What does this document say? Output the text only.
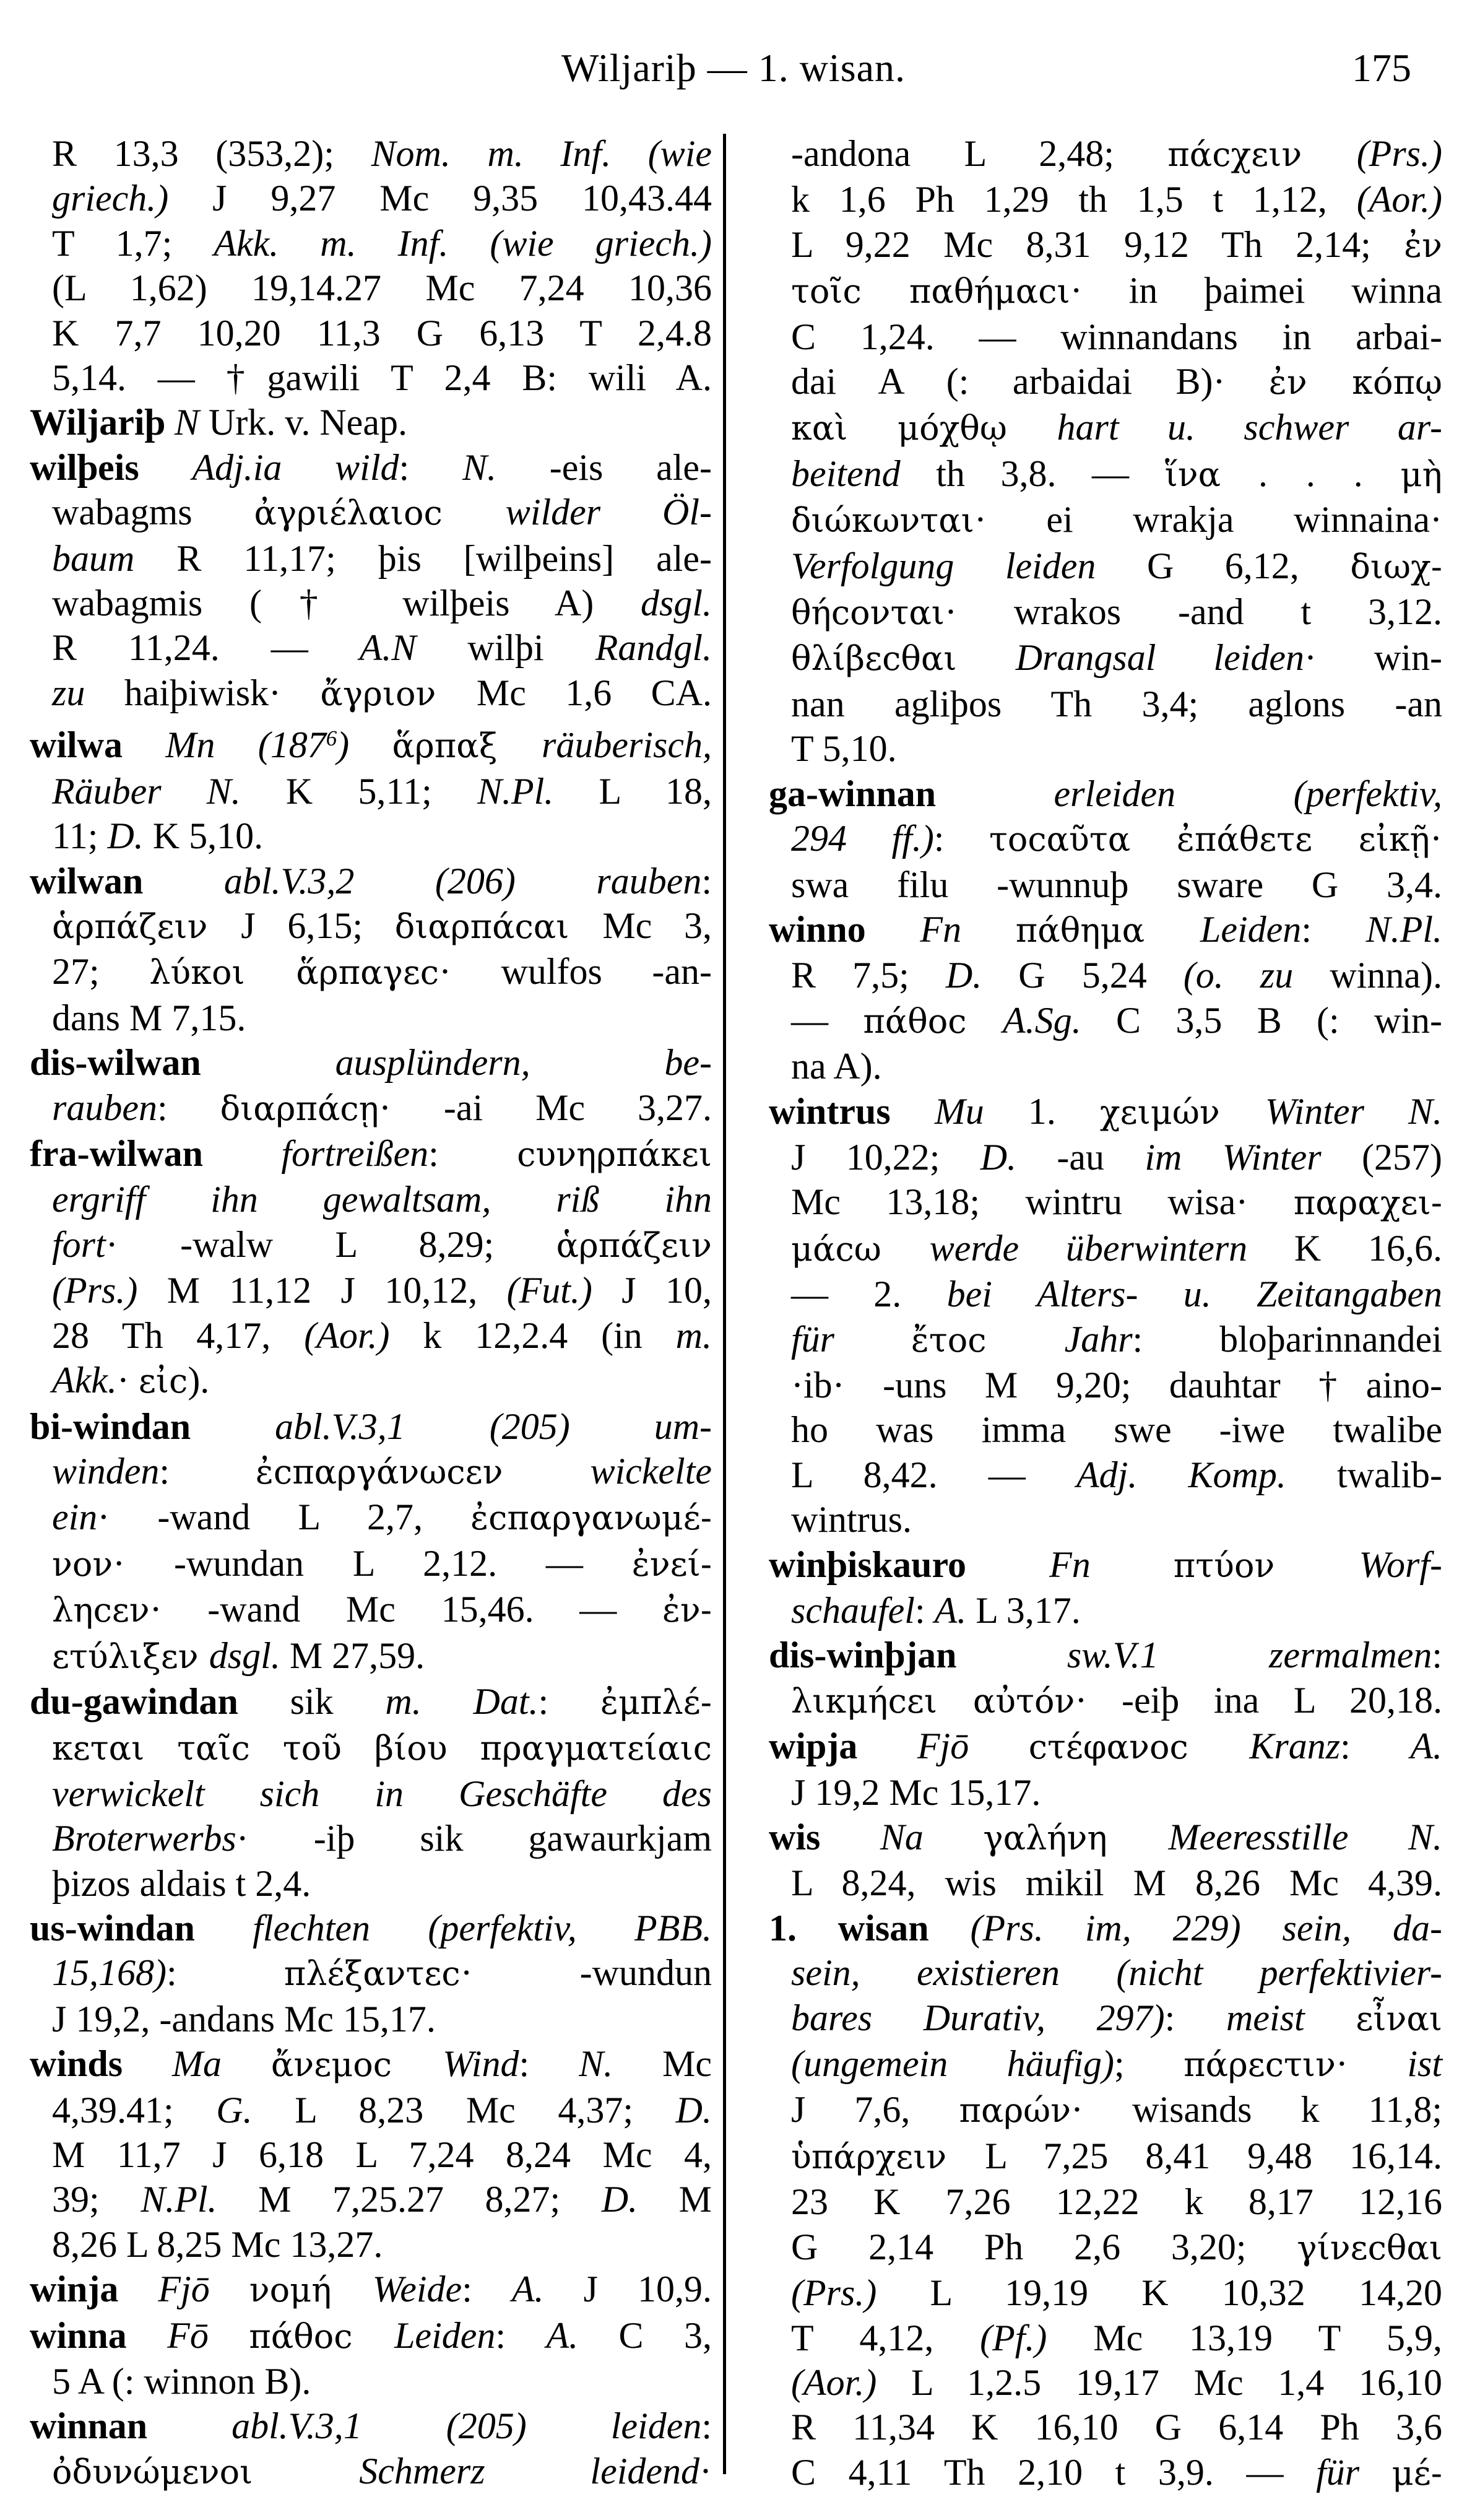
Wiljariþ — 1. wisan.	175
R 13,3 (353,2); Nom. m. Inf. (wie
griech.) J 9,27 Mc 9,35 10,43.44
T 1,7; Akk. m. Inf. (wie griech.)
(L 1,62) 19,14.27 Mc 7,24 10,36
K 7,7 10,20 11,3 G 6,13 T 2,4.8
5,14. — †gawili T 2,4 B: wili A.
Wiljariþ N Urk. v. Neap.
wilþeis Adj.ia wild: N. -eis ale-
wabagms ἀγριέλαιοc wilder Öl-
baum R 11,17; þis [wilþeins] ale-
wabagmis († wilþeis A) dsgl.
R 11,24. — A.N wilþi Randgl.
zu haiþiwisk· ἄγριον Mc 1,6 CA.
wilwa Mn $(187^6)$ ἅρπαξ räuberisch,
Räuber N. K 5,11; N.Pl. L 18,
11; D. K 5,10.
wilwan abl.V.3,2 (206) rauben:
ἁρπάζειν J 6,15; διαρπάcαι Mc 3,
27; λύκοι ἅρπαγεc· wulfos -an-
dans M 7,15.
dis-wilwan ausplündern, be-
rauben: διαρπάcῃ· -ai Mc 3,27.
fra-wilwan fortreißen: cυνηρπάκει
ergriff ihn gewaltsam, riß ihn
fort· -walw L 8,29; ἁρπάζειν
(Prs.) M 11,12 J 10,12, (Fut.) J 10,
28 Th 4,17, (Aor.) k 12,2.4 (in m.
Akk.· εἰc).
bi-windan abl.V.3,1 (205) um-
winden: ἐcπαργάνωcεν wickelte
ein· -wand L 2,7, ἐcπαργανωμέ-
νον· -wundan L 2,12. — ἐνεί-
ληcεν· -wand Mc 15,46. — ἐν-
ετύλιξεν dsgl. M 27,59.
du-gawindan sik m. Dat.: ἐμπλέ-
κεται ταῖc τοῦ βίου πραγματείαιc
verwickelt sich in Geschäfte des
Broterwerbs· -iþ sik gawaurkjam
þizos aldais t 2,4.
us-windan flechten (perfektiv, PBB.
15,168): πλέξαντεc· -wundun
J 19,2, -andans Mc 15,17.
winds Ma ἄνεμοc Wind: N. Mc
4,39.41; G. L 8,23 Mc 4,37; D.
M 11,7 J 6,18 L 7,24 8,24 Mc 4,
39; N.Pl. M 7,25.27 8,27; D. M
8,26 L 8,25 Mc 13,27.
winja Fjō νομή Weide: A. J 10,9.
winna Fō πάθοc Leiden: A. C 3,
5 A (: winnon B).
winnan abl.V.3,1 (205) leiden:
ὀδυνώμενοι Schmerz leidend·
-andona L 2,48; πάcχειν (Prs.)
k 1,6 Ph 1,29 th 1,5 t 1,12, (Aor.)
L 9,22 Mc 8,31 9,12 Th 2,14; ἐν
τοῖc παθήμαcι· in þaimei winna
C 1,24. — winnandans in arbai-
dai A (: arbaidai B)· ἐν κόπῳ
καὶ μόχθῳ hart u. schwer ar-
beitend th 3,8. — ἵνα . . . μὴ
διώκωνται· ei wrakja winnaina·
Verfolgung leiden G 6,12, διωχ-
θήcονται· wrakos -and t 3,12.
θλίβεcθαι Drangsal leiden· win-
nan agliþos Th 3,4; aglons -an
T 5,10.
ga-winnan erleiden (perfektiv,
294 ff.): τοcαῦτα ἐπάθετε εἰκῇ·
swa filu -wunnuþ sware G 3,4.
winno Fn πάθημα Leiden: N.Pl.
R 7,5; D. G 5,24 (o. zu winna).
— πάθοc A.Sg. C 3,5 B (: win-
na A).
wintrus Mu 1. χειμών Winter N.
J 10,22; D. -au im Winter (257)
Mc 13,18; wintru wisa· παραχει-
μάcω werde überwintern K 16,6.
— 2. bei Alters- u. Zeitangaben
für ἔτοc Jahr: bloþarinnandei
·ib· -uns M 9,20; dauhtar †aino-
ho was imma swe -iwe twalibe
L 8,42. — Adj. Komp. twalib-
wintrus.
winþiskauro Fn πτύον Worf-
schaufel: A. L 3,17.
dis-winþjan sw.V.1 zermalmen:
λικμήcει αὐτόν· -eiþ ina L 20,18.
wipja Fjō cτέφανοc Kranz: A.
J 19,2 Mc 15,17.
wis Na γαλήνη Meeresstille N.
L 8,24, wis mikil M 8,26 Mc 4,39.
1. wisan (Prs. im, 229) sein, da-
sein, existieren (nicht perfektivier-
bares Durativ, 297): meist εἶναι
(ungemein häufig); πάρεcτιν· ist
J 7,6, παρών· wisands k 11,8;
ὑπάρχειν L 7,25 8,41 9,48 16,14.
23 K 7,26 12,22 k 8,17 12,16
G 2,14 Ph 2,6 3,20; γίνεcθαι
(Prs.) L 19,19 K 10,32 14,20
T 4,12, (Pf.) Mc 13,19 T 5,9,
(Aor.) L 1,2.5 19,17 Mc 1,4 16,10
R 11,34 K 16,10 G 6,14 Ph 3,6
C 4,11 Th 2,10 t 3,9. — für μέ-
